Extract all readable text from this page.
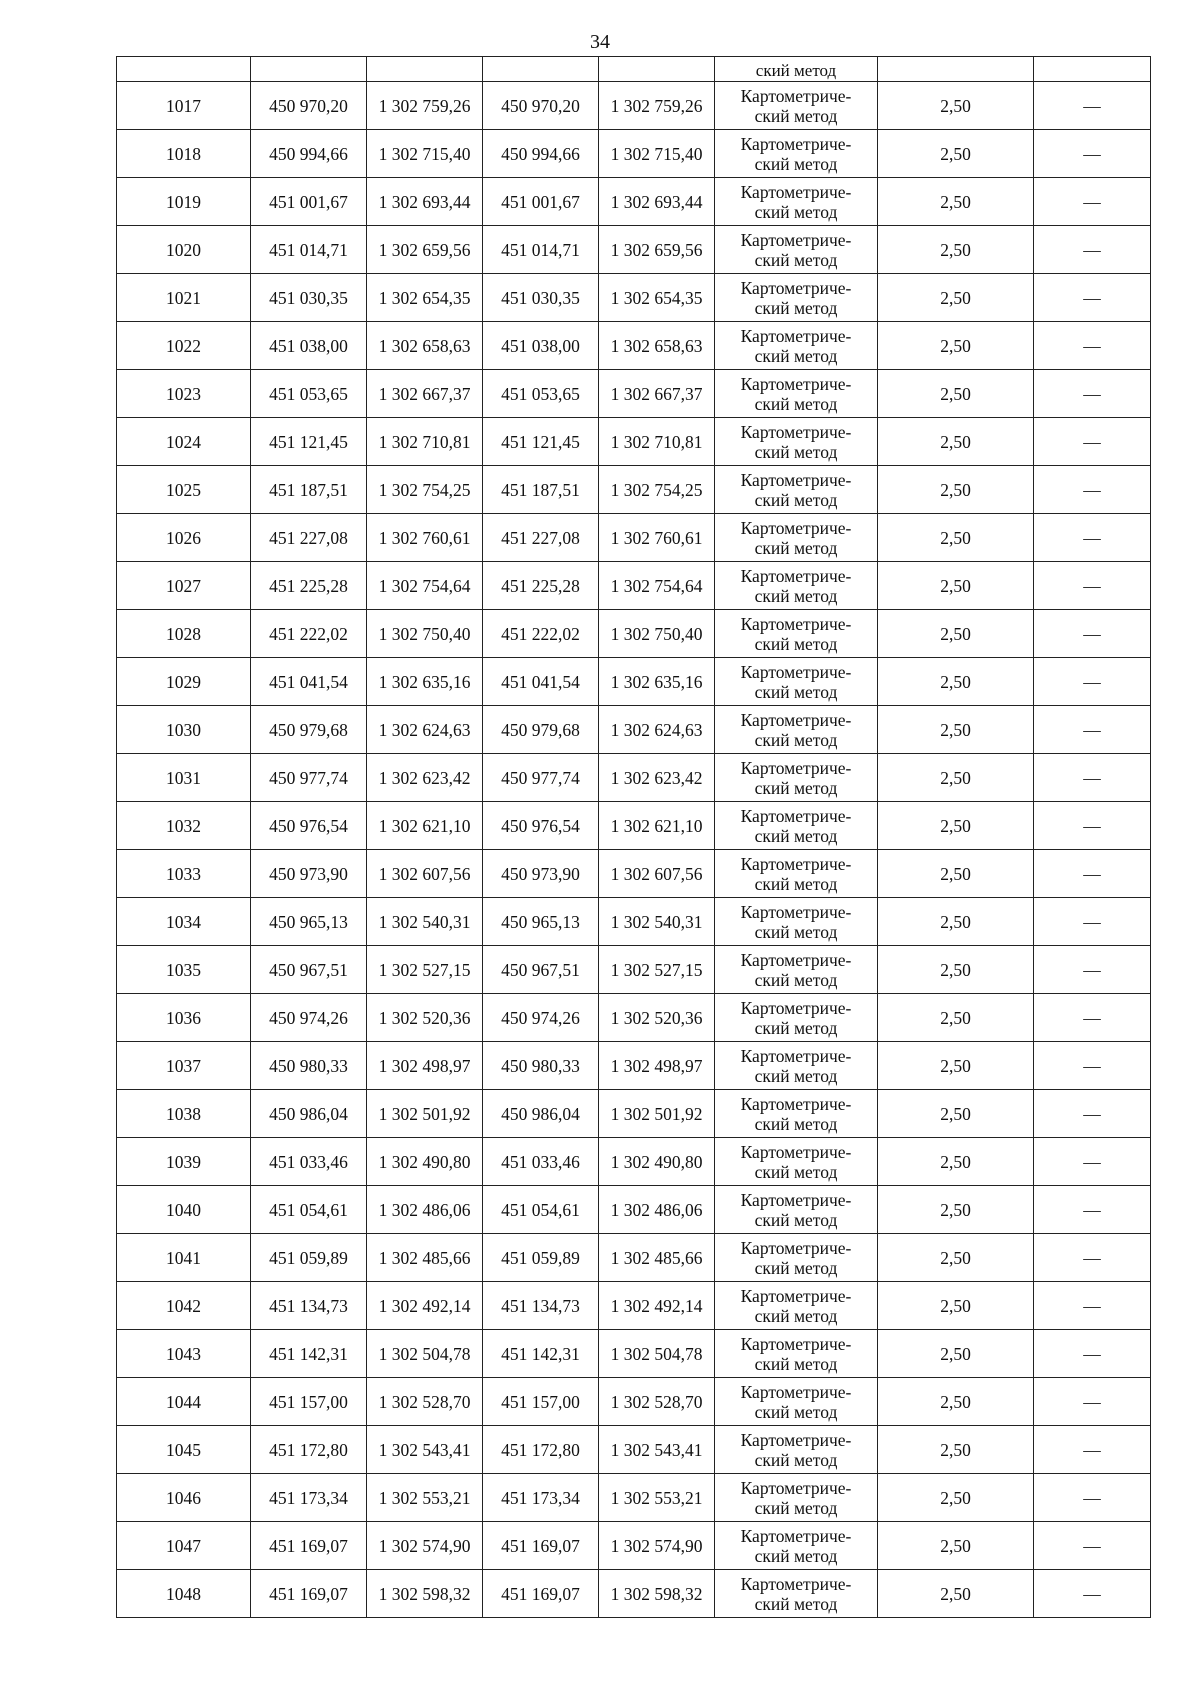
34
					ский метод		
1017	450 970,20	1 302 759,26	450 970,20	1 302 759,26	Картометриче-
ский метод	2,50	—
1018	450 994,66	1 302 715,40	450 994,66	1 302 715,40	Картометриче-
ский метод	2,50	—
1019	451 001,67	1 302 693,44	451 001,67	1 302 693,44	Картометриче-
ский метод	2,50	—
1020	451 014,71	1 302 659,56	451 014,71	1 302 659,56	Картометриче-
ский метод	2,50	—
1021	451 030,35	1 302 654,35	451 030,35	1 302 654,35	Картометриче-
ский метод	2,50	—
1022	451 038,00	1 302 658,63	451 038,00	1 302 658,63	Картометриче-
ский метод	2,50	—
1023	451 053,65	1 302 667,37	451 053,65	1 302 667,37	Картометриче-
ский метод	2,50	—
1024	451 121,45	1 302 710,81	451 121,45	1 302 710,81	Картометриче-
ский метод	2,50	—
1025	451 187,51	1 302 754,25	451 187,51	1 302 754,25	Картометриче-
ский метод	2,50	—
1026	451 227,08	1 302 760,61	451 227,08	1 302 760,61	Картометриче-
ский метод	2,50	—
1027	451 225,28	1 302 754,64	451 225,28	1 302 754,64	Картометриче-
ский метод	2,50	—
1028	451 222,02	1 302 750,40	451 222,02	1 302 750,40	Картометриче-
ский метод	2,50	—
1029	451 041,54	1 302 635,16	451 041,54	1 302 635,16	Картометриче-
ский метод	2,50	—
1030	450 979,68	1 302 624,63	450 979,68	1 302 624,63	Картометриче-
ский метод	2,50	—
1031	450 977,74	1 302 623,42	450 977,74	1 302 623,42	Картометриче-
ский метод	2,50	—
1032	450 976,54	1 302 621,10	450 976,54	1 302 621,10	Картометриче-
ский метод	2,50	—
1033	450 973,90	1 302 607,56	450 973,90	1 302 607,56	Картометриче-
ский метод	2,50	—
1034	450 965,13	1 302 540,31	450 965,13	1 302 540,31	Картометриче-
ский метод	2,50	—
1035	450 967,51	1 302 527,15	450 967,51	1 302 527,15	Картометриче-
ский метод	2,50	—
1036	450 974,26	1 302 520,36	450 974,26	1 302 520,36	Картометриче-
ский метод	2,50	—
1037	450 980,33	1 302 498,97	450 980,33	1 302 498,97	Картометриче-
ский метод	2,50	—
1038	450 986,04	1 302 501,92	450 986,04	1 302 501,92	Картометриче-
ский метод	2,50	—
1039	451 033,46	1 302 490,80	451 033,46	1 302 490,80	Картометриче-
ский метод	2,50	—
1040	451 054,61	1 302 486,06	451 054,61	1 302 486,06	Картометриче-
ский метод	2,50	—
1041	451 059,89	1 302 485,66	451 059,89	1 302 485,66	Картометриче-
ский метод	2,50	—
1042	451 134,73	1 302 492,14	451 134,73	1 302 492,14	Картометриче-
ский метод	2,50	—
1043	451 142,31	1 302 504,78	451 142,31	1 302 504,78	Картометриче-
ский метод	2,50	—
1044	451 157,00	1 302 528,70	451 157,00	1 302 528,70	Картометриче-
ский метод	2,50	—
1045	451 172,80	1 302 543,41	451 172,80	1 302 543,41	Картометриче-
ский метод	2,50	—
1046	451 173,34	1 302 553,21	451 173,34	1 302 553,21	Картометриче-
ский метод	2,50	—
1047	451 169,07	1 302 574,90	451 169,07	1 302 574,90	Картометриче-
ский метод	2,50	—
1048	451 169,07	1 302 598,32	451 169,07	1 302 598,32	Картометриче-
ский метод	2,50	—
